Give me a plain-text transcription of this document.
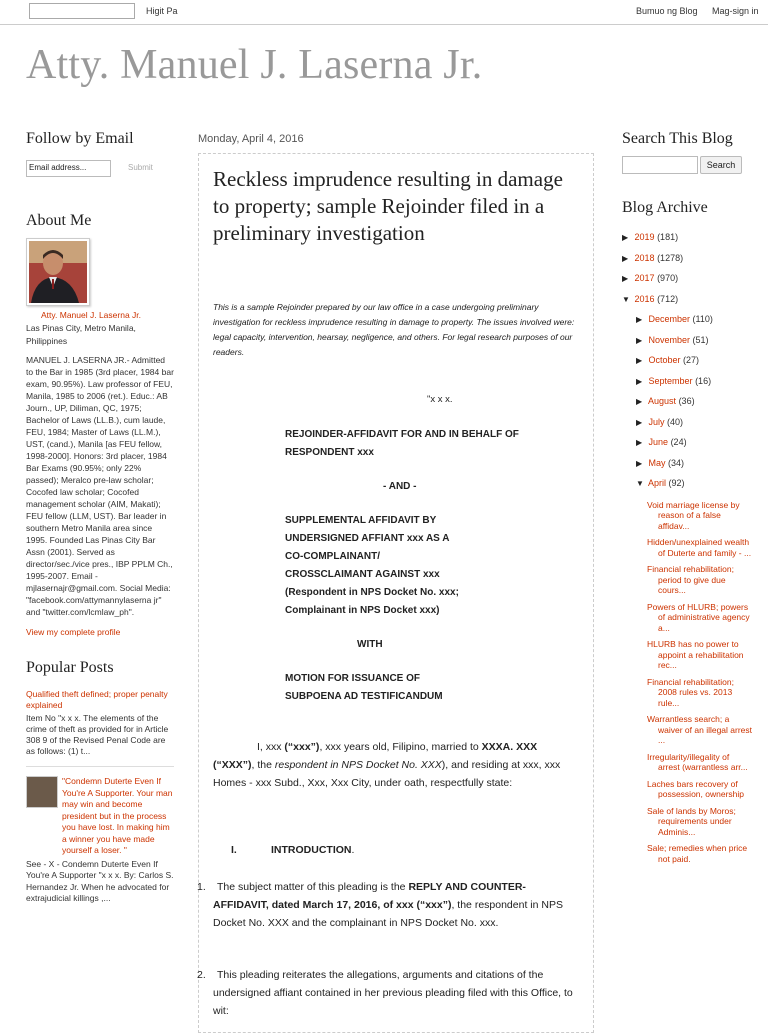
Higit Pa	Bumuo ng Blog Mag-sign in
Atty. Manuel J. Laserna Jr.
Follow by Email
Email address...	Submit
About Me
Atty. Manuel J. Laserna Jr.
Las Pinas City, Metro Manila, Philippines
MANUEL J. LASERNA JR.- Admitted to the Bar in 1985 (3rd placer, 1984 bar exam, 90.95%). Law professor of FEU, Manila, 1985 to 2006 (ret.). Educ.: AB Journ., UP, Diliman, QC, 1975; Bachelor of Laws (LL.B.), cum laude, FEU, 1984; Master of Laws (LL.M.), UST, (cand.), Manila [as FEU fellow, 1998-2000]. Honors: 3rd placer, 1984 Bar Exams (90.95%; only 22% passed); Meralco pre-law scholar; Cocofed law scholar; Cocofed management scholar (AIM, Makati); FEU fellow (LLM, UST). Bar leader in southern Metro Manila area since 1995. Founded Las Pinas City Bar Assn (2001). Served as director/sec./vice pres., IBP PPLM Ch., 1995-2007. Email - mjlasernajr@gmail.com. Social Media: "facebook.com/attymannylaserna jr" and "twitter.com/lcmlaw_ph".
View my complete profile
Popular Posts
Qualified theft defined; proper penalty explained
Item No "x x x. The elements of the crime of theft as provided for in Article 308 9 of the Revised Penal Code are as follows: (1) t...
"Condemn Duterte Even If You're A Supporter. Your man may win and become president but in the process you have lost. In making him a winner you have made yourself a loser. "
See - X - Condemn Duterte Even If You're A Supporter "x x x. By: Carlos S. Hernandez Jr. When he advocated for extrajudicial killings ,...
Monday, April 4, 2016
Reckless imprudence resulting in damage to property; sample Rejoinder filed in a preliminary investigation
This is a sample Rejoinder prepared by our law office in a case undergoing preliminary investigation for reckless imprudence resulting in damage to property. The issues involved were: legal capacity, intervention, hearsay, negligence, and others. For legal research purposes of our readers.
"x x x.
REJOINDER-AFFIDAVIT FOR AND IN BEHALF OF RESPONDENT xxx
- AND -
SUPPLEMENTAL AFFIDAVIT BY
UNDERSIGNED AFFIANT xxx AS A
CO-COMPLAINANT/
CROSSCLAIMANT AGAINST xxx
(Respondent in NPS Docket No. xxx;
Complainant in NPS Docket xxx)
WITH
MOTION FOR ISSUANCE OF
SUBPOENA AD TESTIFICANDUM
I, xxx (“xxx”), xxx years old, Filipino, married to XXXA. XXX (“XXX”), the respondent in NPS Docket No. XXX), and residing at xxx, xxx Homes - xxx Subd., Xxx, Xxx City, under oath, respectfully state:
I.	INTRODUCTION.
1. The subject matter of this pleading is the REPLY AND COUNTER-AFFIDAVIT, dated March 17, 2016, of xxx (“xxx”), the respondent in NPS Docket No. XXX and the complainant in NPS Docket No. xxx.
2. This pleading reiterates the allegations, arguments and citations of the undersigned affiant contained in her previous pleading filed with this Office, to wit:
Search This Blog
Search
Blog Archive
▶ 2019 (181)
▶ 2018 (1278)
▶ 2017 (970)
▼ 2016 (712)
▶ December (110)
▶ November (51)
▶ October (27)
▶ September (16)
▶ August (36)
▶ July (40)
▶ June (24)
▶ May (34)
▼ April (92)
Void marriage license by reason of a false affidav...
Hidden/unexplained wealth of Duterte and family - ...
Financial rehabilitation; period to give due cours...
Powers of HLURB; powers of administrative agency a...
HLURB has no power to appoint a rehabilitation rec...
Financial rehabilitation; 2008 rules vs. 2013 rule...
Warrantless search; a waiver of an illegal arrest ...
Irregularity/illegality of arrest (warrantless arr...
Laches bars recovery of possession, ownership
Sale of lands by Moros; requirements under Adminis...
Sale; remedies when price not paid.
